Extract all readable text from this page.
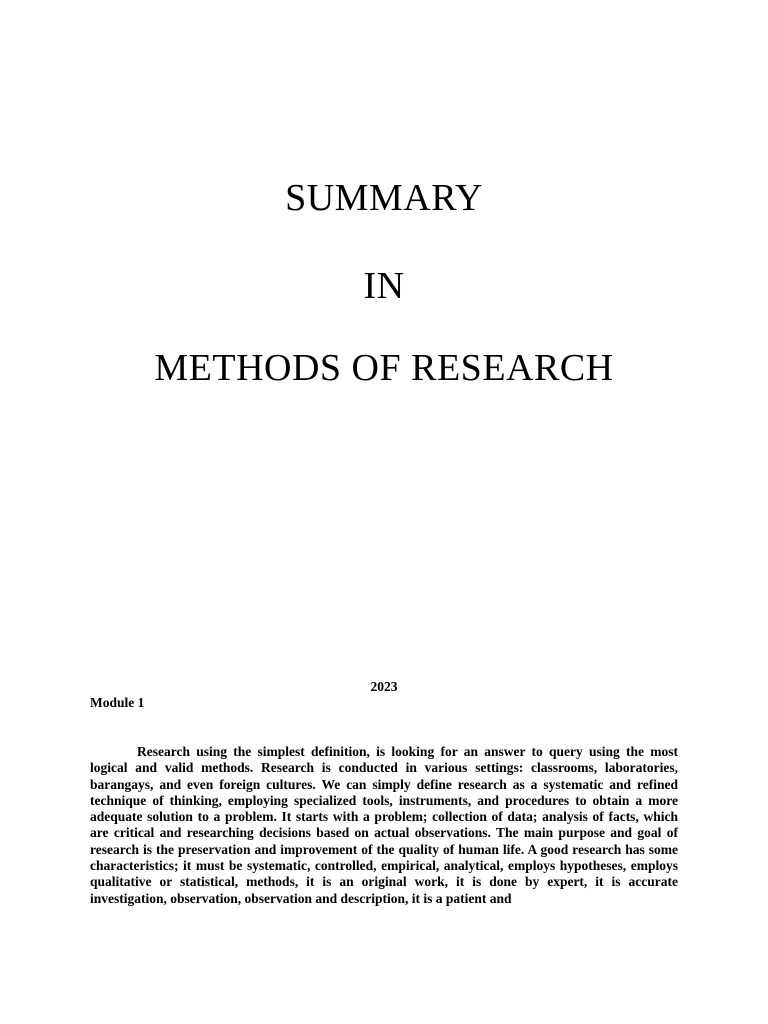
SUMMARY
IN
METHODS OF RESEARCH
2023
Module 1

Research using the simplest definition, is looking for an answer to query using the most logical and valid methods. Research is conducted in various settings: classrooms, laboratories, barangays, and even foreign cultures. We can simply define research as a systematic and refined technique of thinking, employing specialized tools, instruments, and procedures to obtain a more adequate solution to a problem. It starts with a problem; collection of data; analysis of facts, which are critical and researching decisions based on actual observations. The main purpose and goal of research is the preservation and improvement of the quality of human life. A good research has some characteristics; it must be systematic, controlled, empirical, analytical, employs hypotheses, employs qualitative or statistical, methods, it is an original work, it is done by expert, it is accurate investigation, observation, observation and description, it is a patient and
